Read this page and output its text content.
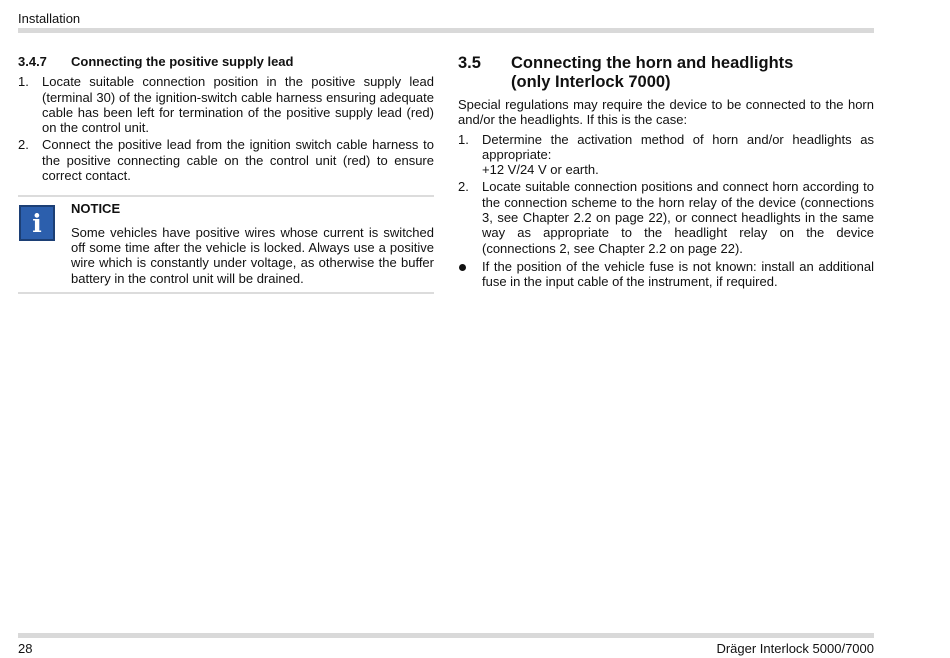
Installation
3.4.7	Connecting the positive supply lead
1.	Locate suitable connection position in the positive supply lead (terminal 30) of the ignition-switch cable harness ensuring adequate cable has been left for termination of the positive supply lead (red) on the control unit.
2.	Connect the positive lead from the ignition switch cable harness to the positive connecting cable on the control unit (red) to ensure correct contact.
i	NOTICE
Some vehicles have positive wires whose current is switched off some time after the vehicle is locked. Always use a positive wire which is constantly under voltage, as otherwise the buffer battery in the control unit will be drained.
3.5	Connecting the horn and headlights
(only Interlock 7000)
Special regulations may require the device to be connected to the horn and/or the headlights. If this is the case:
1.	Determine the activation method of horn and/or headlights as appropriate:
+12 V/24 V or earth.
2.	Locate suitable connection positions and connect horn according to the connection scheme to the horn relay of the device (connections 3, see Chapter 2.2 on page 22), or connect headlights in the same way as appropriate to the headlight relay on the device (connections 2, see Chapter 2.2 on page 22).
If the position of the vehicle fuse is not known: install an additional fuse in the input cable of the instrument, if required.
28	Dräger Interlock 5000/7000
